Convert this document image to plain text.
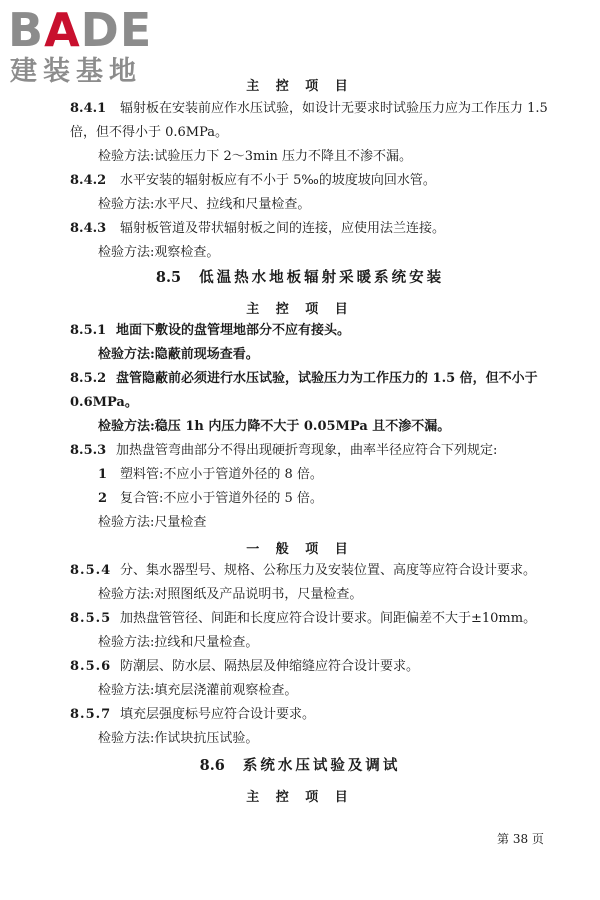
BADE
建装基地	主 控 项 目
8.4.1 辐射板在安装前应作水压试验，如设计无要求时试验压力应为工作压力 1.5
倍，但不得小于 0.6MPa。
检验方法:试验压力下 2～3min 压力不降且不渗不漏。
8.4.2 水平安装的辐射板应有不小于 5‰的坡度坡向回水管。
检验方法:水平尺、拉线和尺量检查。
8.4.3 辐射板管道及带状辐射板之间的连接，应使用法兰连接。
检验方法:观察检查。
8.5 低温热水地板辐射采暖系统安装
主 控 项 目
8.5.1 地面下敷设的盘管埋地部分不应有接头。
检验方法:隐蔽前现场查看。
8.5.2 盘管隐蔽前必须进行水压试验，试验压力为工作压力的 1.5 倍，但不小于
0.6MPa。
检验方法:稳压 1h 内压力降不大于 0.05MPa 且不渗不漏。
8.5.3 加热盘管弯曲部分不得出现硬折弯现象，曲率半径应符合下列规定:
1 塑料管:不应小于管道外径的 8 倍。
2 复合管:不应小于管道外径的 5 倍。
检验方法:尺量检查
一 般 项 目
8.5.4 分、集水器型号、规格、公称压力及安装位置、高度等应符合设计要求。
检验方法:对照图纸及产品说明书，尺量检查。
8.5.5 加热盘管管径、间距和长度应符合设计要求。间距偏差不大于±10mm。
检验方法:拉线和尺量检查。
8.5.6 防潮层、防水层、隔热层及伸缩缝应符合设计要求。
检验方法:填充层浇灌前观察检查。
8.5.7 填充层强度标号应符合设计要求。
检验方法:作试块抗压试验。
8.6 系统水压试验及调试
主 控 项 目
第 38 页
